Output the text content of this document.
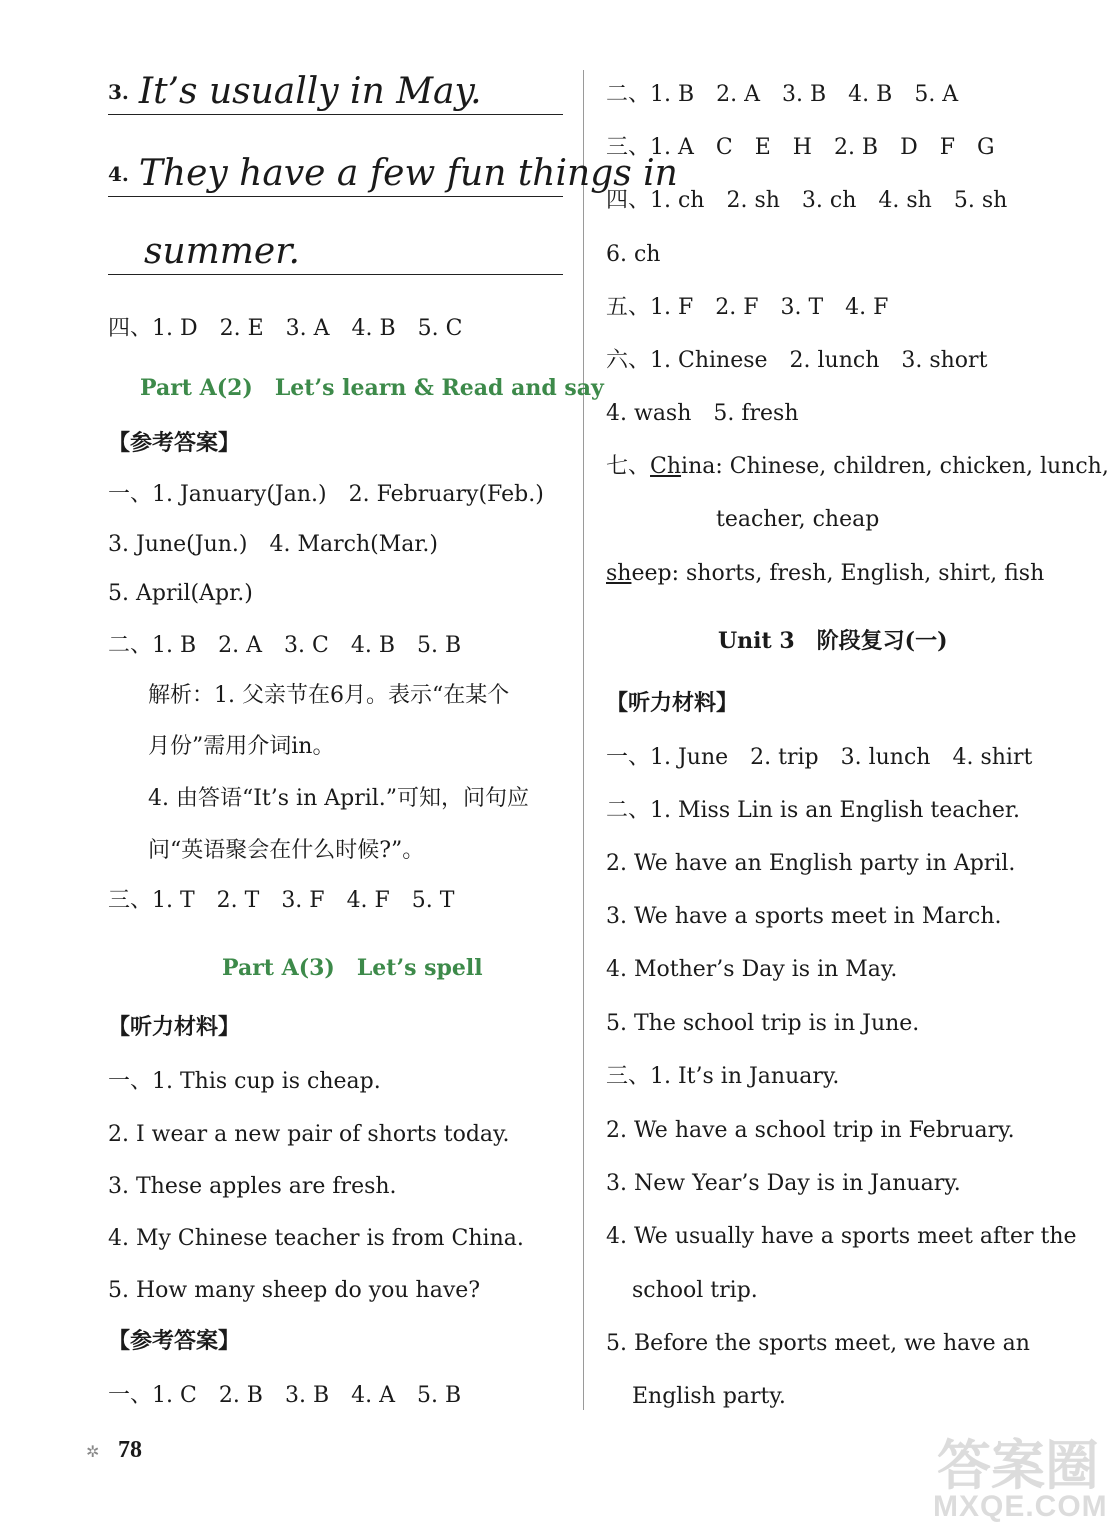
$^{3.}$ It’s usually in May.
$^{4.}$ They have a few fun things in
summer.
四、1. D　2. E　3. A　4. B　5. C
Part A(2)　Let’s learn & Read and say
【参考答案】
一、1. January(Jan.)　2. February(Feb.)
3. June(Jun.)　4. March(Mar.)
5. April(Apr.)
二、1. B　2. A　3. C　4. B　5. B
解析：1. 父亲节在6月。表示“在某个
月份”需用介词in。
4. 由答语“It’s in April.”可知，问句应
问“英语聚会在什么时候?”。
三、1. T　2. T　3. F　4. F　5. T
Part A(3)　Let’s spell
【听力材料】
一、1. This cup is cheap.
2. I wear a new pair of shorts today.
3. These apples are fresh.
4. My Chinese teacher is from China.
5. How many sheep do you have?
【参考答案】
一、1. C　2. B　3. B　4. A　5. B
二、1. B　2. A　3. B　4. B　5. A
三、1. A　C　E　H　2. B　D　F　G
四、1. ch　2. sh　3. ch　4. sh　5. sh
6. ch
五、1. F　2. F　3. T　4. F
六、1. Chinese　2. lunch　3. short
4. wash　5. fresh
七、China: Chinese, children, chicken, lunch,
teacher, cheap
sheep: shorts, fresh, English, shirt, fish
Unit 3　阶段复习(一)
【听力材料】
一、1. June　2. trip　3. lunch　4. shirt
二、1. Miss Lin is an English teacher.
2. We have an English party in April.
3. We have a sports meet in March.
4. Mother’s Day is in May.
5. The school trip is in June.
三、1. It’s in January.
2. We have a school trip in February.
3. New Year’s Day is in January.
4. We usually have a sports meet after the
school trip.
5. Before the sports meet, we have an
English party.
✲ 78	答案圈
MXQE.COM
